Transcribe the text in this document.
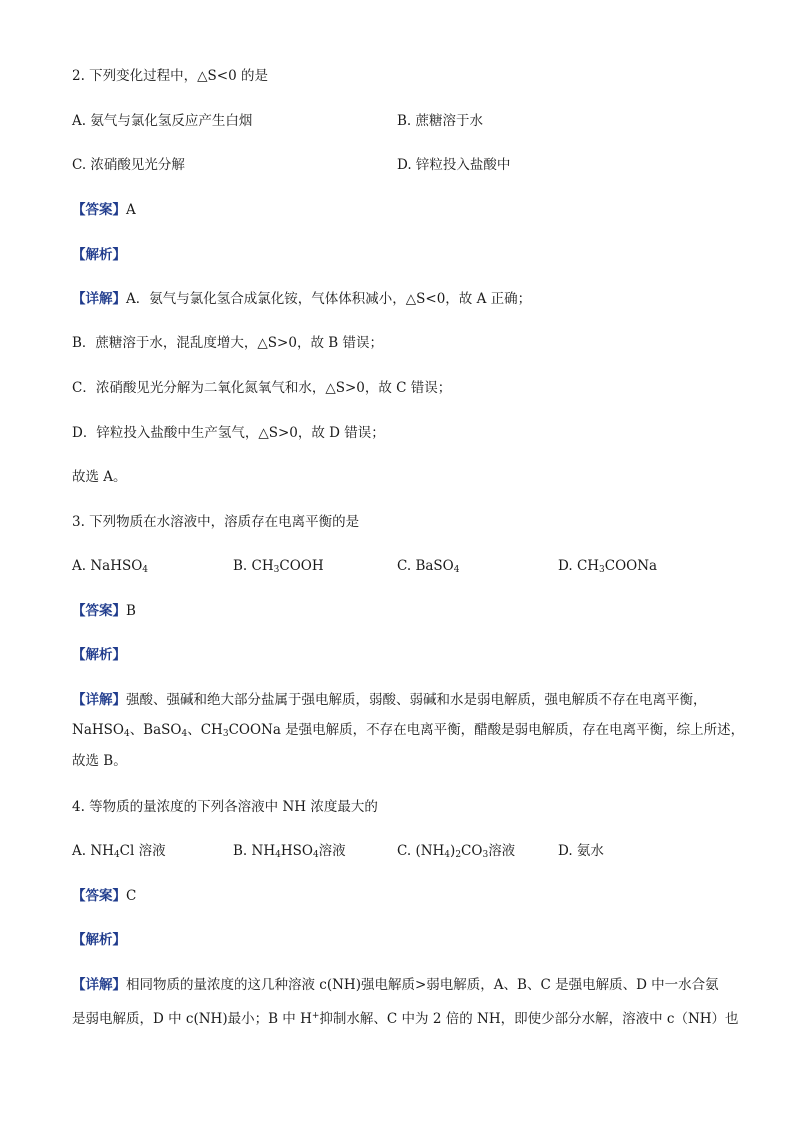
2. 下列变化过程中，△S<0 的是
A. 氨气与氯化氢反应产生白烟	B. 蔗糖溶于水
C. 浓硝酸见光分解	D. 锌粒投入盐酸中
【答案】A
【解析】
【详解】A．氨气与氯化氢合成氯化铵，气体体积减小，△S<0，故 A 正确；
B．蔗糖溶于水，混乱度增大，△S>0，故 B 错误；
C．浓硝酸见光分解为二氧化氮氧气和水，△S>0，故 C 错误；
D．锌粒投入盐酸中生产氢气，△S>0，故 D 错误；
故选 A。
3. 下列物质在水溶液中，溶质存在电离平衡的是
A. NaHSO$_4$	B. $CH_3COOH$	C. BaSO$_4$	D. $CH_3COONa$
【答案】B
【解析】
【详解】强酸、强碱和绝大部分盐属于强电解质，弱酸、弱碱和水是弱电解质，强电解质不存在电离平衡，
NaHSO$_4$、BaSO$_4$、$CH_3COONa$ 是强电解质，不存在电离平衡，醋酸是弱电解质，存在电离平衡，综上所述，
故选 B。
4. 等物质的量浓度的下列各溶液中 NH 浓度最大的
A. $NH_4Cl$ 溶液	B. $NH_4HSO_4$溶液	C. $(NH_4)_2CO_3$溶液	D. 氨水
【答案】C
【解析】
【详解】相同物质的量浓度的这几种溶液 c(NH)强电解质>弱电解质，A、B、C 是强电解质、D 中一水合氨
是弱电解质，D 中 c(NH)最小；B 中 H+抑制水解、C 中为 2 倍的 NH，即使少部分水解，溶液中 c（NH）也
